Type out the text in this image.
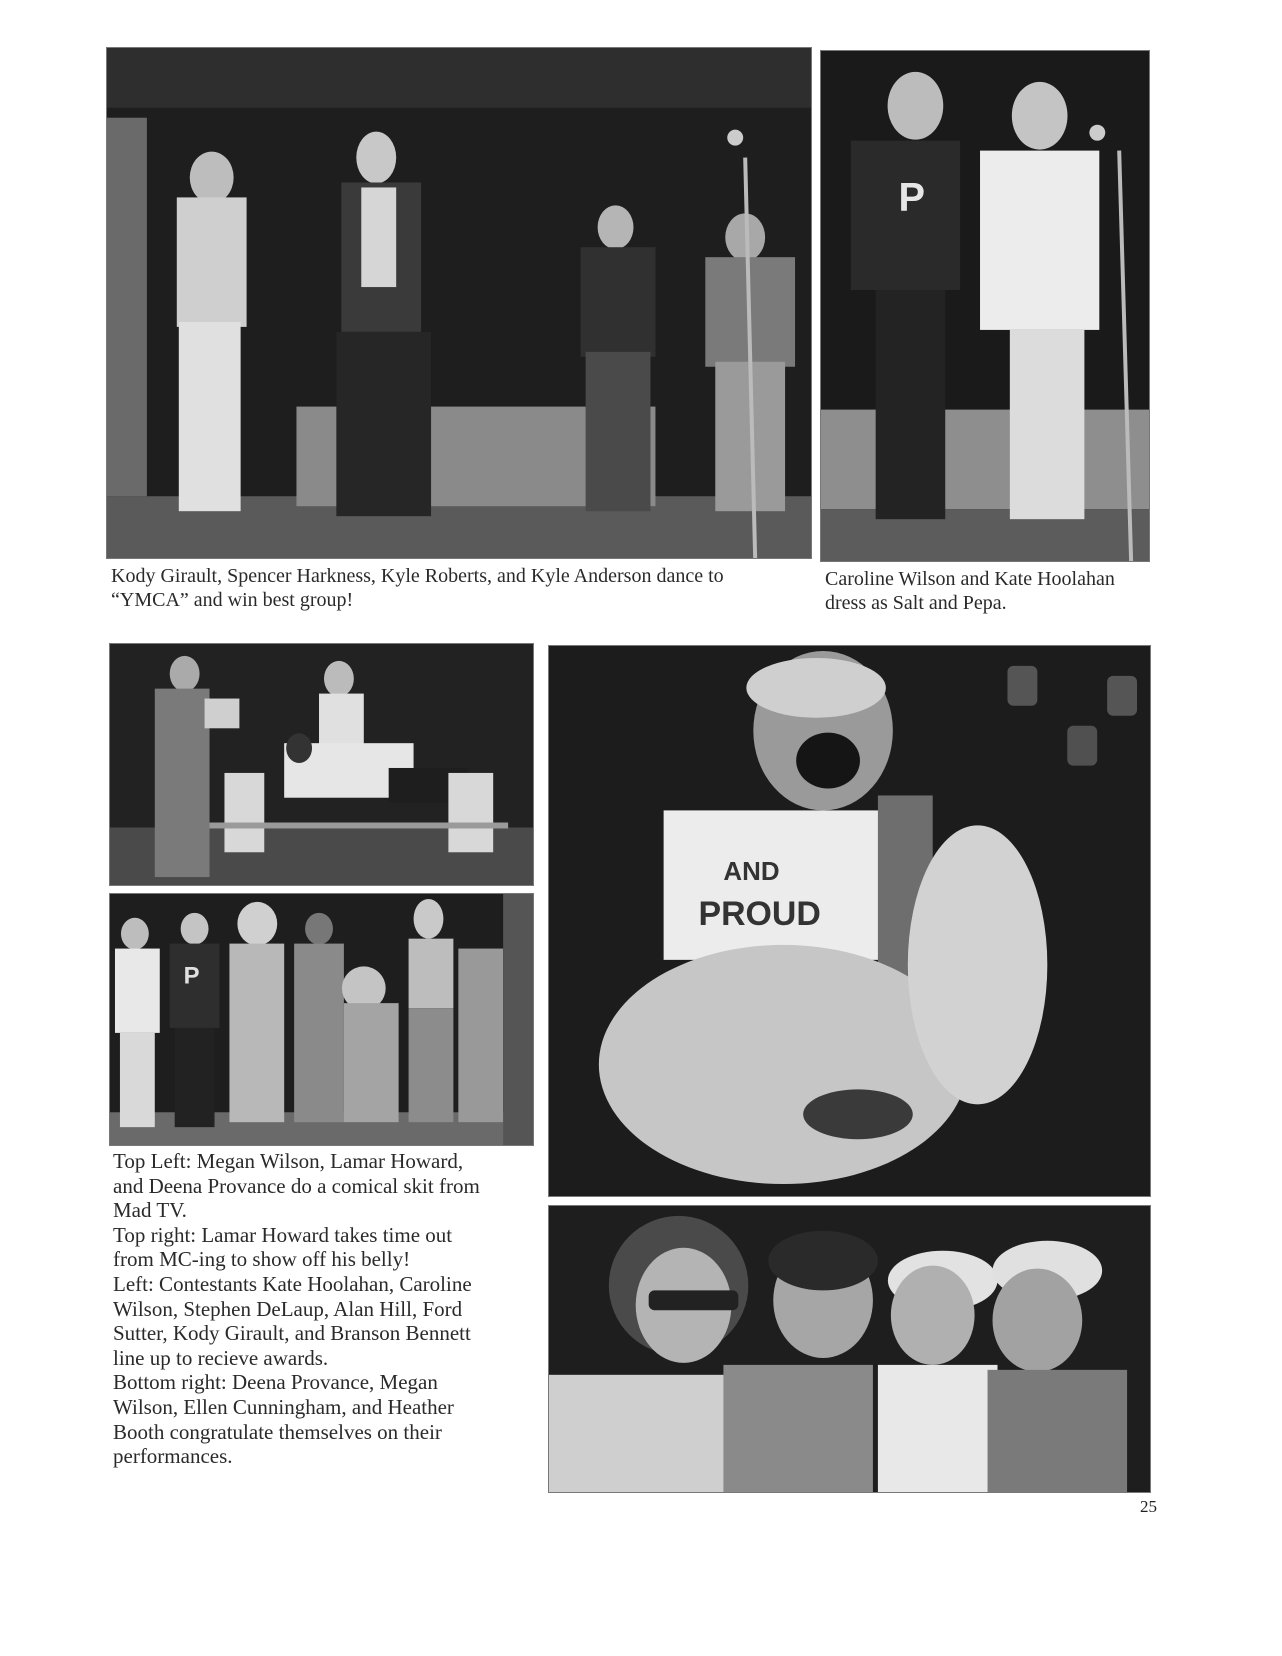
Kody Girault, Spencer Harkness, Kyle Roberts, and Kyle Anderson dance to
“YMCA” and win best group!
P
Caroline Wilson and Kate Hoolahan
dress as Salt and Pepa.
P
Top Left: Megan Wilson, Lamar Howard,
and Deena Provance do a comical skit from
Mad TV.
Top right: Lamar Howard takes time out
from MC-ing to show off his belly!
Left: Contestants Kate Hoolahan, Caroline
Wilson, Stephen DeLaup, Alan Hill, Ford
Sutter, Kody Girault, and Branson Bennett
line up to recieve awards.
Bottom right: Deena Provance, Megan
Wilson, Ellen Cunningham, and Heather
Booth congratulate themselves on their
performances.
AND
PROUD
25
